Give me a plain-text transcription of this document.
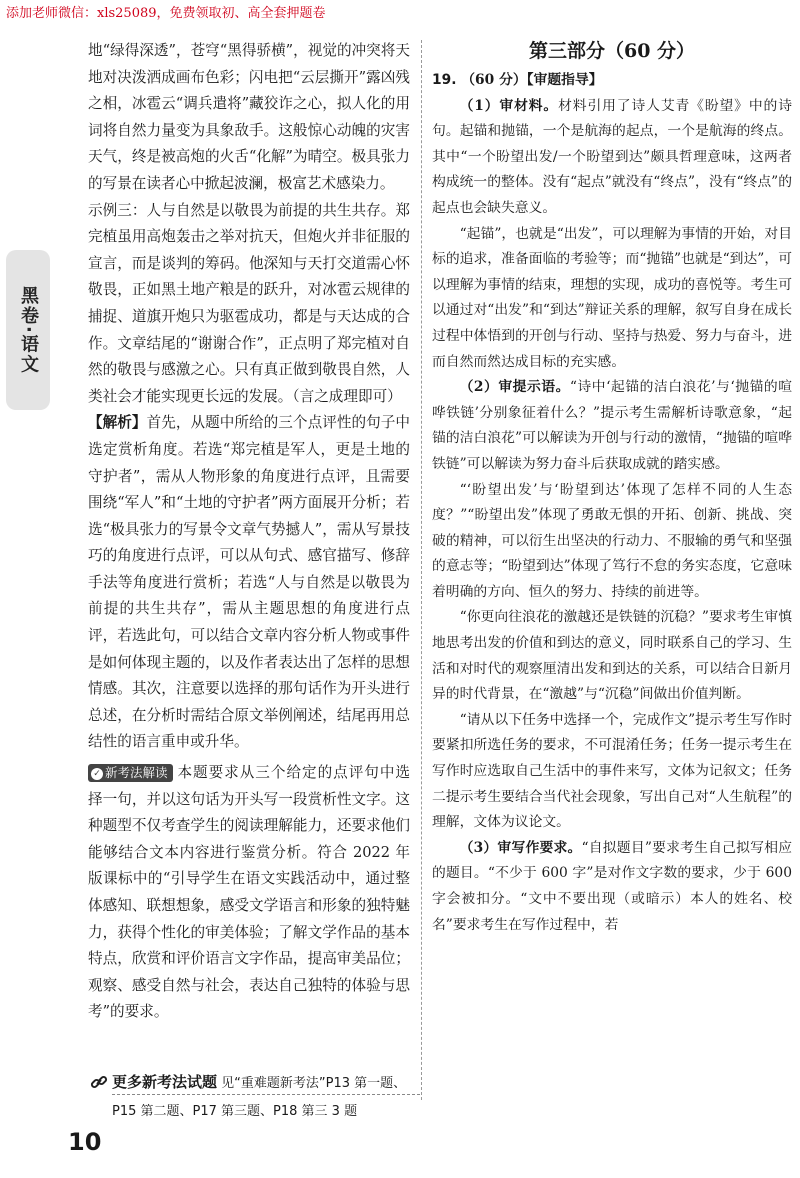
添加老师微信：xls25089，免费领取初、高全套押题卷
黑卷·语文

地“绿得深透”，苍穹“黑得骄横”，视觉的冲突将天地对决泼洒成画布色彩；闪电把“云层撕开”露凶残之相，冰雹云“调兵遣将”藏狡诈之心，拟人化的用词将自然力量变为具象敌手。这般惊心动魄的灾害天气，终是被高炮的火舌“化解”为晴空。极具张力的写景在读者心中掀起波澜，极富艺术感染力。

示例三：人与自然是以敬畏为前提的共生共存。郑完植虽用高炮轰击之举对抗天，但炮火并非征服的宣言，而是谈判的筹码。他深知与天打交道需心怀敬畏，正如黑土地产粮是的跃升，对冰雹云规律的捕捉、道旗开炮只为驱雹成功，都是与天达成的合作。文章结尾的“谢谢合作”，正点明了郑完植对自然的敬畏与感激之心。只有真正做到敬畏自然，人类社会才能实现更长远的发展。（言之成理即可）

【解析】首先，从题中所给的三个点评性的句子中选定赏析角度。若选“郑完植是军人，更是土地的守护者”，需从人物形象的角度进行点评，且需要围绕“军人”和“土地的守护者”两方面展开分析；若选“极具张力的写景令文章气势撼人”，需从写景技巧的角度进行点评，可以从句式、感官描写、修辞手法等角度进行赏析；若选“人与自然是以敬畏为前提的共生共存”，需从主题思想的角度进行点评，若选此句，可以结合文章内容分析人物或事件是如何体现主题的，以及作者表达出了怎样的思想情感。其次，注意要以选择的那句话作为开头进行总述，在分析时需结合原文举例阐述，结尾再用总结性的语言重申或升华。

✓ 新考法解读 本题要求从三个给定的点评句中选择一句，并以这句话为开头写一段赏析性文字。这种题型不仅考查学生的阅读理解能力，还要求他们能够结合文本内容进行鉴赏分析。符合 2022 年版课标中的“引导学生在语文实践活动中，通过整体感知、联想想象，感受文学语言和形象的独特魅力，获得个性化的审美体验；了解文学作品的基本特点，欣赏和评价语言文字作品，提高审美品位；观察、感受自然与社会，表达自己独特的体验与思考”的要求。

更多新考法试题 见“重难题新考法”P13 第一题、
P15 第二题、P17 第三题、P18 第三 3 题
10

第三部分（60 分）

19. （60 分）【审题指导】

（1）审材料。材料引用了诗人艾青《盼望》中的诗句。起锚和抛锚，一个是航海的起点，一个是航海的终点。其中“一个盼望出发/一个盼望到达”颇具哲理意味，这两者构成统一的整体。没有“起点”就没有“终点”，没有“终点”的起点也会缺失意义。

“起锚”，也就是“出发”，可以理解为事情的开始，对目标的追求，准备面临的考验等；而“抛锚”也就是“到达”，可以理解为事情的结束，理想的实现，成功的喜悦等。考生可以通过对“出发”和“到达”辩证关系的理解，叙写自身在成长过程中体悟到的开创与行动、坚持与热爱、努力与奋斗，进而自然而然达成目标的充实感。

（2）审提示语。“诗中‘起锚的洁白浪花’与‘抛锚的喧哗铁链’分别象征着什么？”提示考生需解析诗歌意象，“起锚的洁白浪花”可以解读为开创与行动的激情，“抛锚的喧哗铁链”可以解读为努力奋斗后获取成就的踏实感。

“‘盼望出发’与‘盼望到达’体现了怎样不同的人生态度？”“盼望出发”体现了勇敢无惧的开拓、创新、挑战、突破的精神，可以衍生出坚决的行动力、不服输的勇气和坚强的意志等；“盼望到达”体现了笃行不怠的务实态度，它意味着明确的方向、恒久的努力、持续的前进等。

“你更向往浪花的激越还是铁链的沉稳？”要求考生审慎地思考出发的价值和到达的意义，同时联系自己的学习、生活和对时代的观察厘清出发和到达的关系，可以结合日新月异的时代背景，在“激越”与“沉稳”间做出价值判断。

“请从以下任务中选择一个，完成作文”提示考生写作时要紧扣所选任务的要求，不可混淆任务；任务一提示考生在写作时应选取自己生活中的事件来写，文体为记叙文；任务二提示考生要结合当代社会现象，写出自己对“人生航程”的理解，文体为议论文。

（3）审写作要求。“自拟题目”要求考生自己拟写相应的题目。“不少于 600 字”是对作文字数的要求，少于 600 字会被扣分。“文中不要出现（或暗示）本人的姓名、校名”要求考生在写作过程中，若
